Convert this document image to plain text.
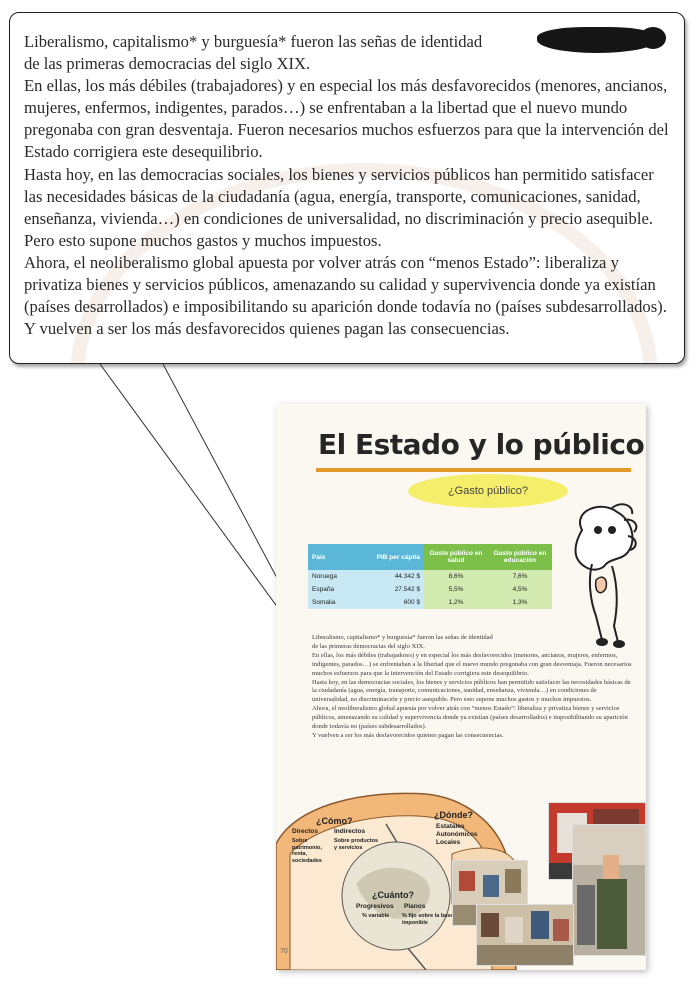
Liberalismo, capitalismo* y burguesía* fueron las señas de identidad

de las primeras democracias del siglo XIX.

En ellas, los más débiles (trabajadores) y en especial los más desfavorecidos (menores, ancianos, mujeres, enfermos, indigentes, parados…) se enfrentaban a la libertad que el nuevo mundo pregonaba con gran desventaja. Fueron necesarios muchos esfuerzos para que la intervención del Estado corrigiera este desequilibrio.

Hasta hoy, en las democracias sociales, los bienes y servicios públicos han permitido satisfacer las necesidades básicas de la ciudadanía (agua, energía, transporte, comunicaciones, sanidad, enseñanza, vivienda…) en condiciones de universalidad, no discriminación y precio asequible. Pero esto supone muchos gastos y muchos impuestos.

Ahora, el neoliberalismo global apuesta por volver atrás con “menos Estado”: liberaliza y privatiza bienes y servicios públicos, amenazando su calidad y supervivencia donde ya existían (países desarrollados) e imposibilitando su aparición donde todavía no (países subdesarrollados).

Y vuelven a ser los más desfavorecidos quienes pagan las consecuencias.

El Estado y lo público
¿Gasto público?
País	PIB per cápita	Gasto público en salud	Gasto público en educación
Noruega	44.342 $	8,6%	7,6%
España	27.542 $	5,5%	4,5%
Somalia	600 $	1,2%	1,3%

Liberalismo, capitalismo* y burguesía* fueron las señas de identidad

de las primeras democracias del siglo XIX.

En ellas, los más débiles (trabajadores) y en especial los más desfavorecidos (menores, ancianos, mujeres, enfermos, indigentes, parados…) se enfrentaban a la libertad que el nuevo mundo pregonaba con gran desventaja. Fueron necesarios muchos esfuerzos para que la intervención del Estado corrigiera este desequilibrio.

Hasta hoy, en las democracias sociales, los bienes y servicios públicos han permitido satisfacer las necesidades básicas de la ciudadanía (agua, energía, transporte, comunicaciones, sanidad, enseñanza, vivienda…) en condiciones de universalidad, no discriminación y precio asequible. Pero esto supone muchos gastos y muchos impuestos.

Ahora, el neoliberalismo global apuesta por volver atrás con “menos Estado”: liberaliza y privatiza bienes y servicios públicos, amenazando su calidad y supervivencia donde ya existían (países desarrollados) e imposibilitando su aparición donde todavía no (países subdesarrollados).

Y vuelven a ser los más desfavorecidos quienes pagan las consecuencias.

¿Cómo?
Directos
Sobre patrimonio, renta, sociedades
Indirectos
Sobre productos y servicios
¿Dónde?
Estatales Autonómicos Locales
¿Cuánto?
Progresivos
% variable
Planos
% fijo sobre la base imponible
70
